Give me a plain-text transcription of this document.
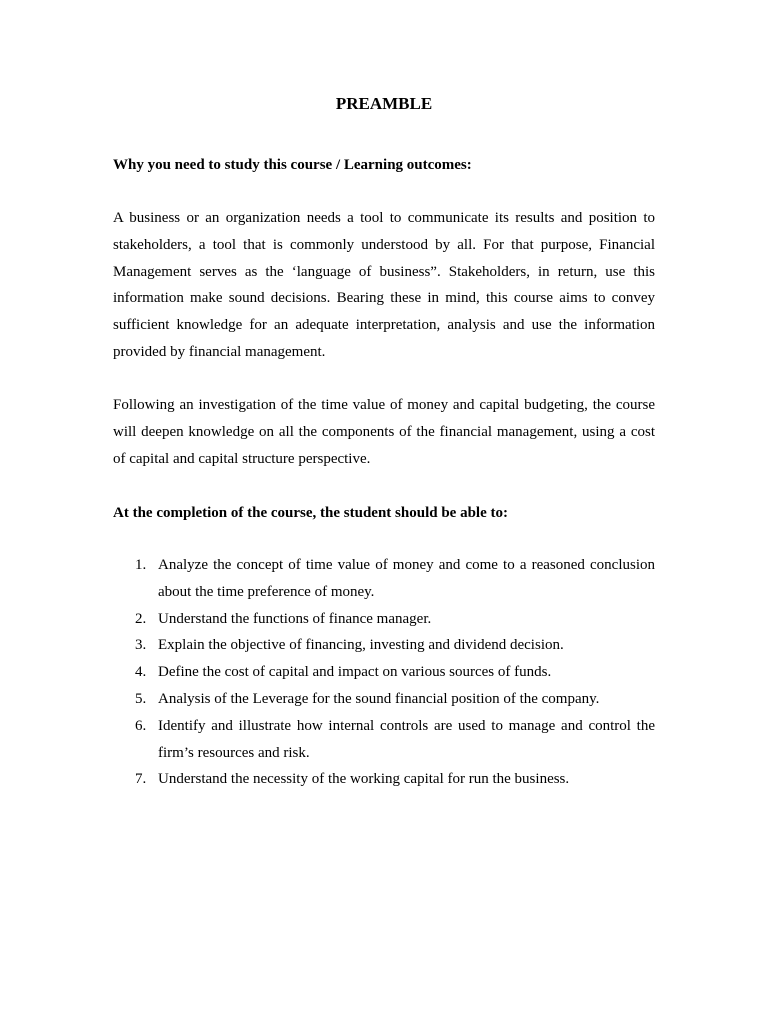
PREAMBLE
Why you need to study this course / Learning outcomes:

A business or an organization needs a tool to communicate its results and position to stakeholders, a tool that is commonly understood by all. For that purpose, Financial Management serves as the ‘language of business”. Stakeholders, in return, use this information make sound decisions. Bearing these in mind, this course aims to convey sufficient knowledge for an adequate interpretation, analysis and use the information provided by financial management.

Following an investigation of the time value of money and capital budgeting, the course will deepen knowledge on all the components of the financial management, using a cost of capital and capital structure perspective.

At the completion of the course, the student should be able to:
1. Analyze the concept of time value of money and come to a reasoned conclusion about the time preference of money.
2. Understand the functions of finance manager.
3. Explain the objective of financing, investing and dividend decision.
4. Define the cost of capital and impact on various sources of funds.
5. Analysis of the Leverage for the sound financial position of the company.
6. Identify and illustrate how internal controls are used to manage and control the firm’s resources and risk.
7. Understand the necessity of the working capital for run the business.
